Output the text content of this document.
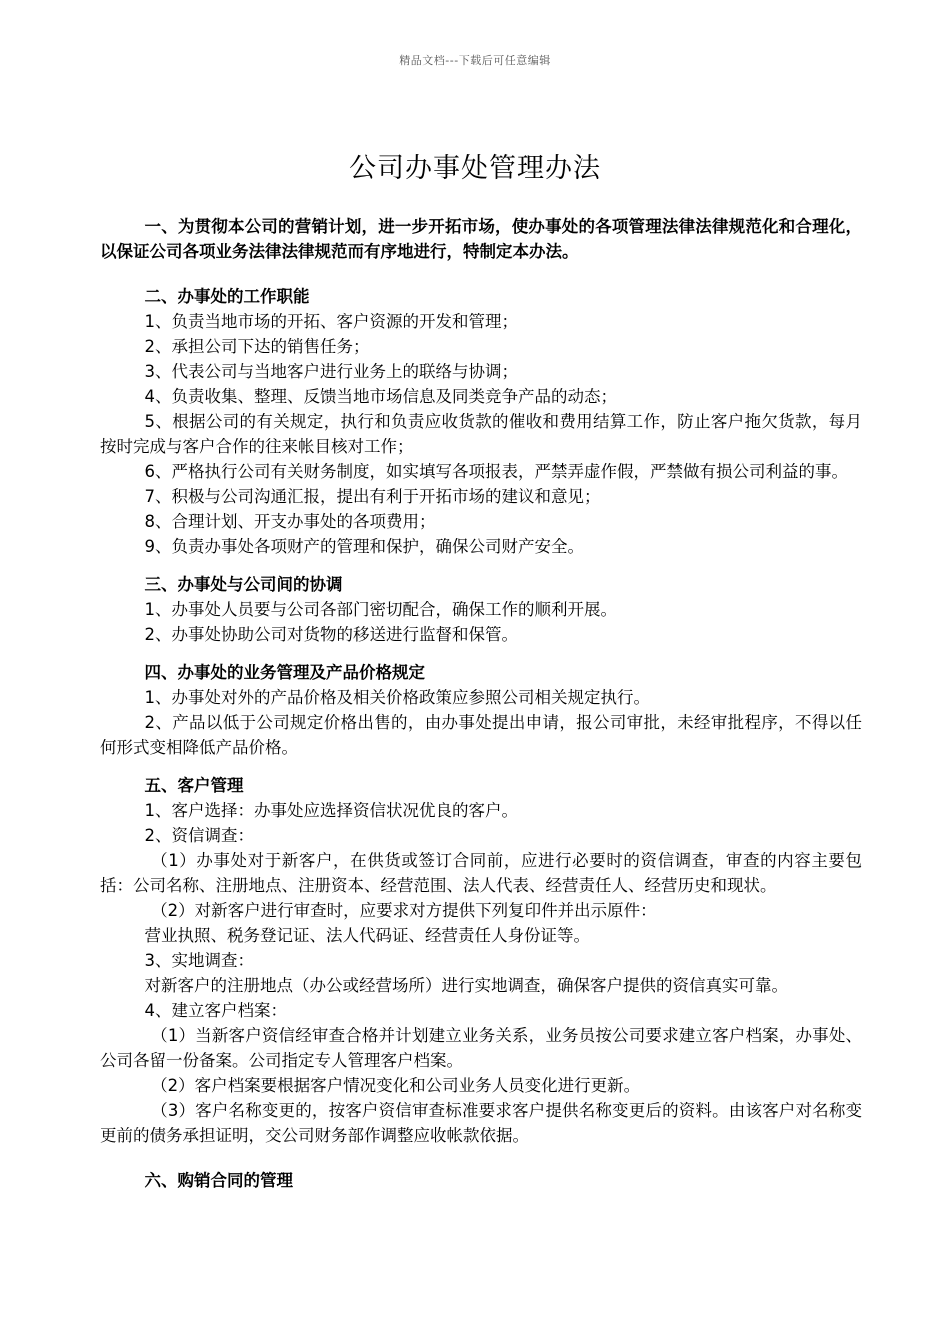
精品文档---下载后可任意编辑
公司办事处管理办法

一、为贯彻本公司的营销计划，进一步开拓市场，使办事处的各项管理法律法律规范化和合理化，以保证公司各项业务法律法律规范而有序地进行，特制定本办法。

二、办事处的工作职能

1、负责当地市场的开拓、客户资源的开发和管理；

2、承担公司下达的销售任务；

3、代表公司与当地客户进行业务上的联络与协调；

4、负责收集、整理、反馈当地市场信息及同类竞争产品的动态；

5、根据公司的有关规定，执行和负责应收货款的催收和费用结算工作，防止客户拖欠货款，每月按时完成与客户合作的往来帐目核对工作；

6、严格执行公司有关财务制度，如实填写各项报表，严禁弄虚作假，严禁做有损公司利益的事。

7、积极与公司沟通汇报，提出有利于开拓市场的建议和意见；

8、合理计划、开支办事处的各项费用；

9、负责办事处各项财产的管理和保护，确保公司财产安全。

三、办事处与公司间的协调

1、办事处人员要与公司各部门密切配合，确保工作的顺利开展。

2、办事处协助公司对货物的移送进行监督和保管。

四、办事处的业务管理及产品价格规定

1、办事处对外的产品价格及相关价格政策应参照公司相关规定执行。

2、产品以低于公司规定价格出售的，由办事处提出申请，报公司审批，未经审批程序，不得以任何形式变相降低产品价格。

五、客户管理

1、客户选择：办事处应选择资信状况优良的客户。

2、资信调查：

（1）办事处对于新客户，在供货或签订合同前，应进行必要时的资信调查，审查的内容主要包括：公司名称、注册地点、注册资本、经营范围、法人代表、经营责任人、经营历史和现状。

（2）对新客户进行审查时，应要求对方提供下列复印件并出示原件：

营业执照、税务登记证、法人代码证、经营责任人身份证等。

3、实地调查：

对新客户的注册地点（办公或经营场所）进行实地调查，确保客户提供的资信真实可靠。

4、建立客户档案：

（1）当新客户资信经审查合格并计划建立业务关系，业务员按公司要求建立客户档案，办事处、公司各留一份备案。公司指定专人管理客户档案。

（2）客户档案要根据客户情况变化和公司业务人员变化进行更新。

（3）客户名称变更的，按客户资信审查标准要求客户提供名称变更后的资料。由该客户对名称变更前的债务承担证明，交公司财务部作调整应收帐款依据。

六、购销合同的管理
